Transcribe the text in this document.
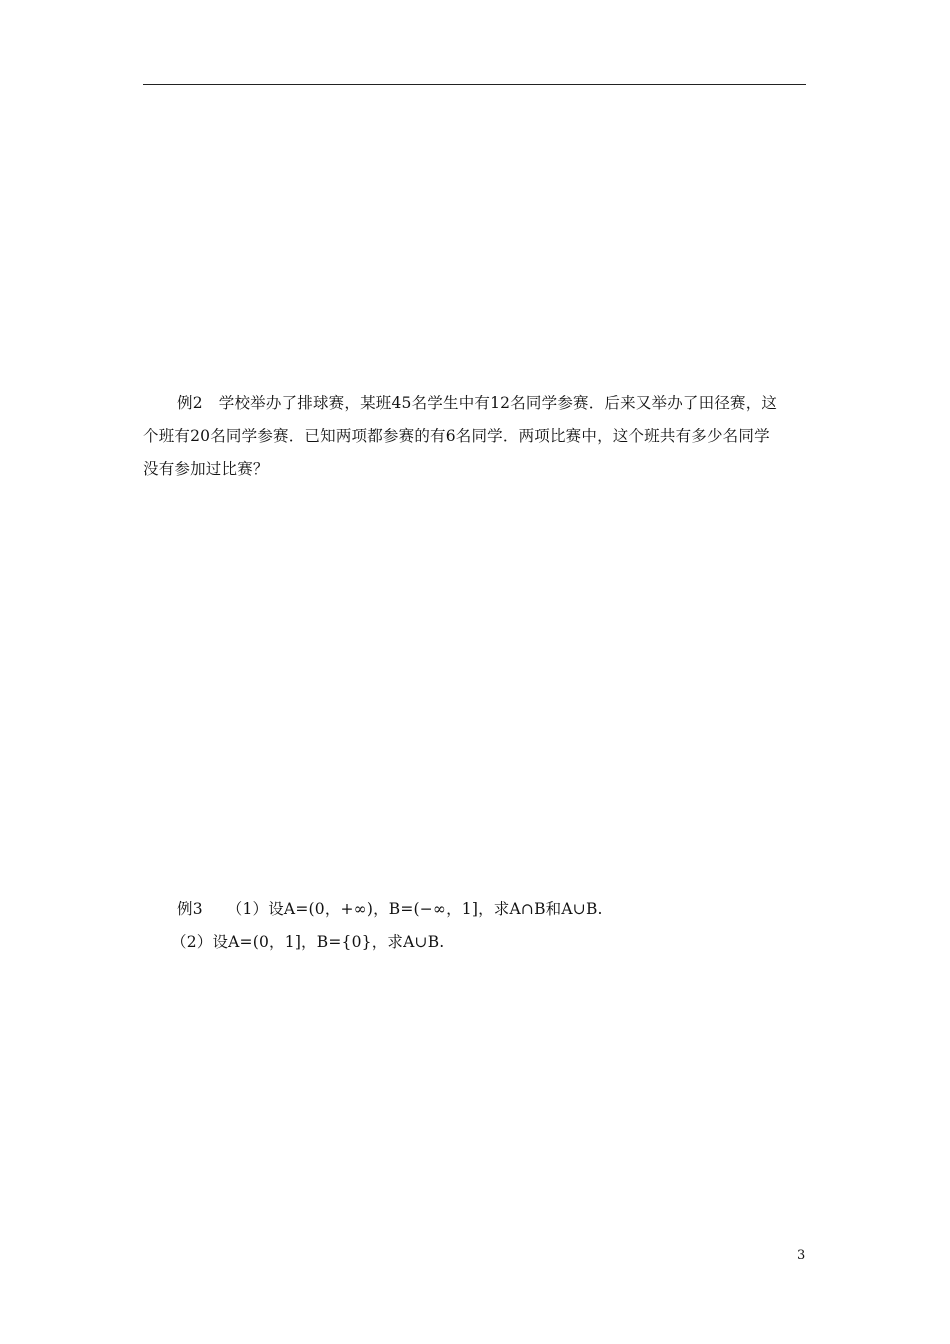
例2 学校举办了排球赛，某班45名学生中有12名同学参赛．后来又举办了田径赛，这
个班有20名同学参赛．已知两项都参赛的有6名同学．两项比赛中，这个班共有多少名同学
没有参加过比赛？
例3 （1）设A=(0，+∞)，B=(−∞，1]，求A∩B和A∪B.
（2）设A=(0，1]，B={0}，求A∪B.
3
